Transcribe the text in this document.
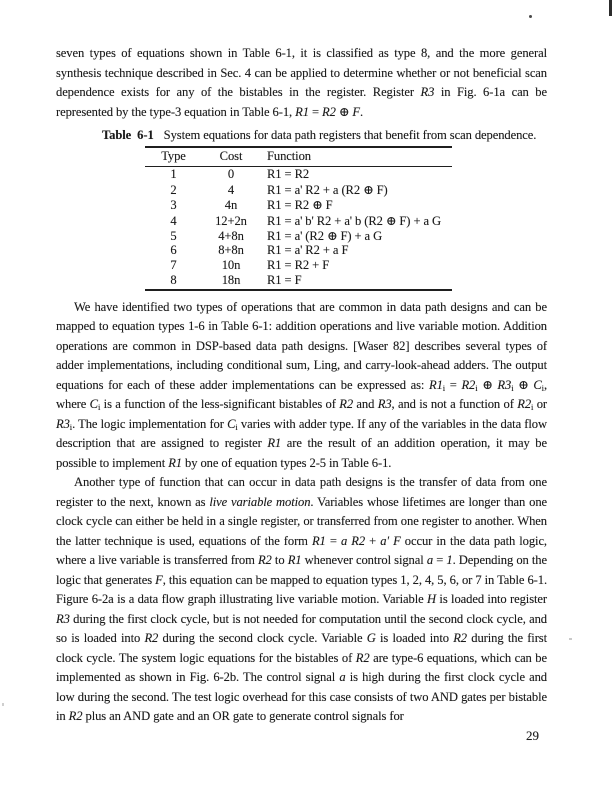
seven types of equations shown in Table 6-1, it is classified as type 8, and the more general synthesis technique described in Sec. 4 can be applied to determine whether or not beneficial scan dependence exists for any of the bistables in the register. Register R3 in Fig. 6-1a can be represented by the type-3 equation in Table 6-1, R1 = R2 ⊕ F.

Table 6-1 System equations for data path registers that benefit from scan dependence.
Type	Cost	Function
1	0	R1 = R2
2	4	R1 = a' R2 + a (R2 ⊕ F)
3	4n	R1 = R2 ⊕ F
4	12+2n	R1 = a' b' R2 + a' b (R2 ⊕ F) + a G
5	4+8n	R1 = a' (R2 ⊕ F) + a G
6	8+8n	R1 = a' R2 + a F
7	10n	R1 = R2 + F
8	18n	R1 = F

We have identified two types of operations that are common in data path designs and can be mapped to equation types 1-6 in Table 6-1: addition operations and live variable motion. Addition operations are common in DSP-based data path designs. [Waser 82] describes several types of adder implementations, including conditional sum, Ling, and carry-look-ahead adders. The output equations for each of these adder implementations can be expressed as: $R1_i = R2_i$ ⊕ $R3_i$ ⊕ $C_i$, where $C_i$ is a function of the less-significant bistables of R2 and R3, and is not a function of $R2_i$ or $R3_i$. The logic implementation for $C_i$ varies with adder type. If any of the variables in the data flow description that are assigned to register R1 are the result of an addition operation, it may be possible to implement R1 by one of equation types 2-5 in Table 6-1.

Another type of function that can occur in data path designs is the transfer of data from one register to the next, known as live variable motion. Variables whose lifetimes are longer than one clock cycle can either be held in a single register, or transferred from one register to another. When the latter technique is used, equations of the form R1 = a R2 + a' F occur in the data path logic, where a live variable is transferred from R2 to R1 whenever control signal a = 1. Depending on the logic that generates F, this equation can be mapped to equation types 1, 2, 4, 5, 6, or 7 in Table 6-1. Figure 6-2a is a data flow graph illustrating live variable motion. Variable H is loaded into register R3 during the first clock cycle, but is not needed for computation until the second clock cycle, and so is loaded into R2 during the second clock cycle. Variable G is loaded into R2 during the first clock cycle. The system logic equations for the bistables of R2 are type-6 equations, which can be implemented as shown in Fig. 6-2b. The control signal a is high during the first clock cycle and low during the second. The test logic overhead for this case consists of two AND gates per bistable in R2 plus an AND gate and an OR gate to generate control signals for

29
